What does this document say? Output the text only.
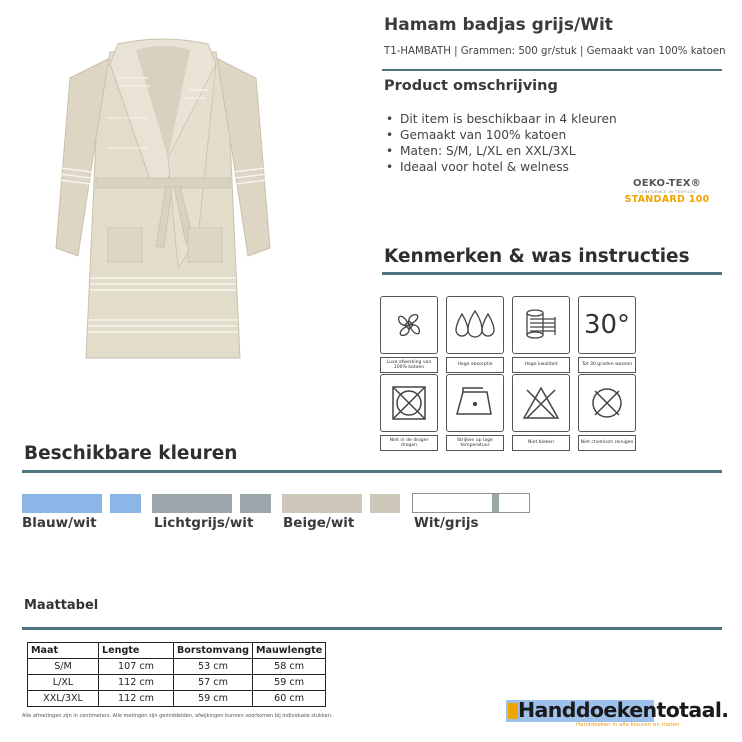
Hamam badjas grijs/Wit
T1-HAMBATH | Grammen: 500 gr/stuk | Gemaakt van 100% katoen
Product omschrijving
• Dit item is beschikbaar in 4 kleuren
• Gemaakt van 100% katoen
• Maten: S/M, L/XL en XXL/3XL
• Ideaal voor hotel & welness
OEKO-TEX®
CONFIDENCE IN TEXTILES
STANDARD 100
Kenmerken & was instructies
Luxe afwerking van 100% katoen
Hoge absorptie	Hoge kwaliteit
30°
Tot 30 graden wassen
Niet in de droger drogen
Strijken op lage temperatuur
Niet bleken	Niet chemisch reinigen
Beschikbare kleuren
Blauw/wit	Lichtgrijs/wit Beige/wit	Wit/grijs
Maattabel
Maat	Lengte	Borstomvang	Mauwlengte
S/M	107 cm	53 cm	58 cm
L/XL	112 cm	57 cm	59 cm
XXL/3XL	112 cm	59 cm	60 cm
Alle afmetingen zijn in centimeters. Alle metingen zijn gemiddelden, afwijkingen kunnen voorkomen bij individuele stukken.	Handdoekentotaal.
Handdoeken in alle kleuren en maten.
